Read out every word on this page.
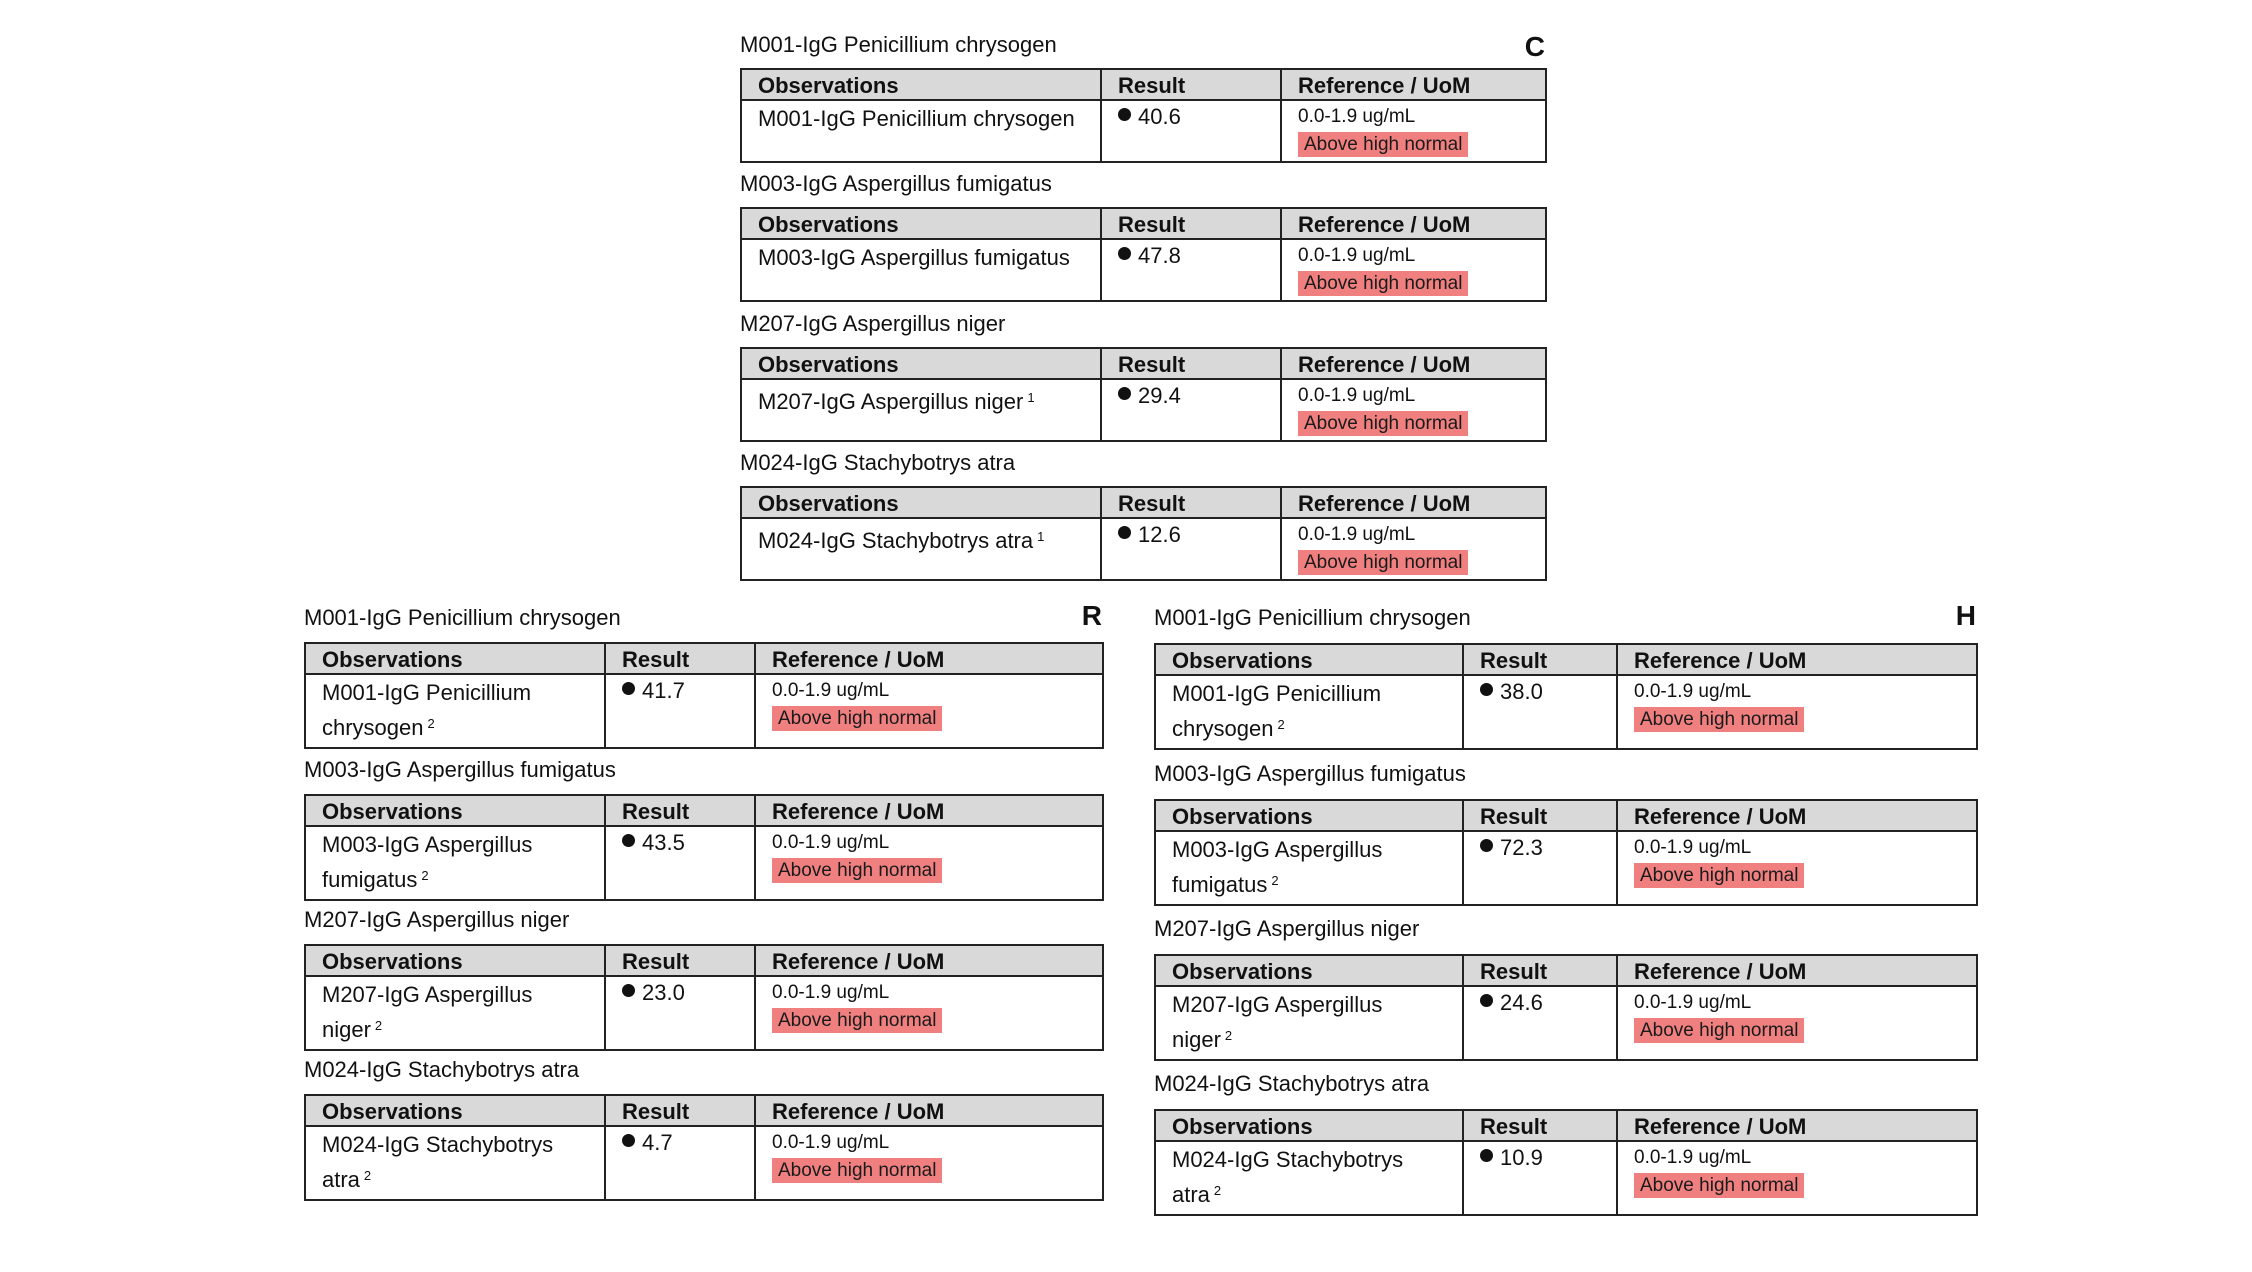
C
M001-IgG Penicillium chrysogen
Observations	Result	Reference / UoM
M001-IgG Penicillium chrysogen	40.6	0.0-1.9 ug/mL
Above high normal
M003-IgG Aspergillus fumigatus
Observations	Result	Reference / UoM
M003-IgG Aspergillus fumigatus	47.8	0.0-1.9 ug/mL
Above high normal
M207-IgG Aspergillus niger
Observations	Result	Reference / UoM
M207-IgG Aspergillus niger $^1$	29.4	0.0-1.9 ug/mL
Above high normal
M024-IgG Stachybotrys atra
Observations	Result	Reference / UoM
M024-IgG Stachybotrys atra $^1$	12.6	0.0-1.9 ug/mL
Above high normal
R
M001-IgG Penicillium chrysogen
Observations	Result	Reference / UoM
M001-IgG Penicillium chrysogen $^2$	41.7	0.0-1.9 ug/mL
Above high normal
M003-IgG Aspergillus fumigatus
Observations	Result	Reference / UoM
M003-IgG Aspergillus fumigatus $^2$	43.5	0.0-1.9 ug/mL
Above high normal
M207-IgG Aspergillus niger
Observations	Result	Reference / UoM
M207-IgG Aspergillus niger $^2$	23.0	0.0-1.9 ug/mL
Above high normal
M024-IgG Stachybotrys atra
Observations	Result	Reference / UoM
M024-IgG Stachybotrys atra $^2$	4.7	0.0-1.9 ug/mL
Above high normal
H
M001-IgG Penicillium chrysogen
Observations	Result	Reference / UoM
M001-IgG Penicillium chrysogen $^2$	38.0	0.0-1.9 ug/mL
Above high normal
M003-IgG Aspergillus fumigatus
Observations	Result	Reference / UoM
M003-IgG Aspergillus fumigatus $^2$	72.3	0.0-1.9 ug/mL
Above high normal
M207-IgG Aspergillus niger
Observations	Result	Reference / UoM
M207-IgG Aspergillus niger $^2$	24.6	0.0-1.9 ug/mL
Above high normal
M024-IgG Stachybotrys atra
Observations	Result	Reference / UoM
M024-IgG Stachybotrys atra $^2$	10.9	0.0-1.9 ug/mL
Above high normal
